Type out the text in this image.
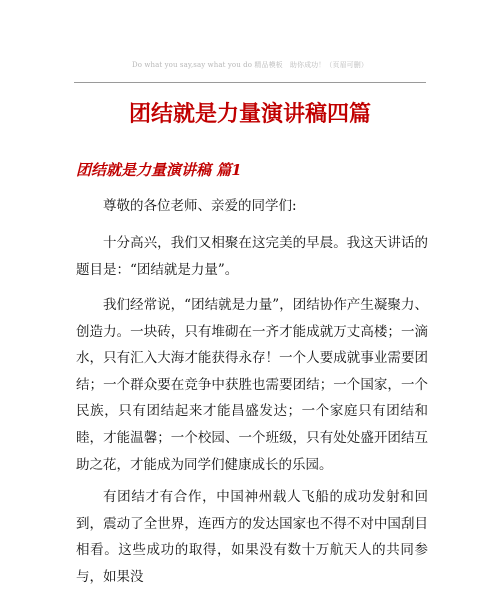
Do what you say,say what you do 精品模板　助你成功！（页眉可删）
团结就是力量演讲稿四篇
团结就是力量演讲稿 篇1
尊敬的各位老师、亲爱的同学们:
十分高兴，我们又相聚在这完美的早晨。我这天讲话的题目是：“团结就是力量”。
我们经常说，“团结就是力量”，团结协作产生凝聚力、创造力。一块砖，只有堆砌在一齐才能成就万丈高楼；一滴水，只有汇入大海才能获得永存！一个人要成就事业需要团结；一个群众要在竞争中获胜也需要团结；一个国家，一个民族，只有团结起来才能昌盛发达；一个家庭只有团结和睦，才能温馨；一个校园、一个班级，只有处处盛开团结互助之花，才能成为同学们健康成长的乐园。
有团结才有合作，中国神州载人飞船的成功发射和回到，震动了全世界，连西方的发达国家也不得不对中国刮目相看。这些成功的取得，如果没有数十万航天人的共同参与，如果没
